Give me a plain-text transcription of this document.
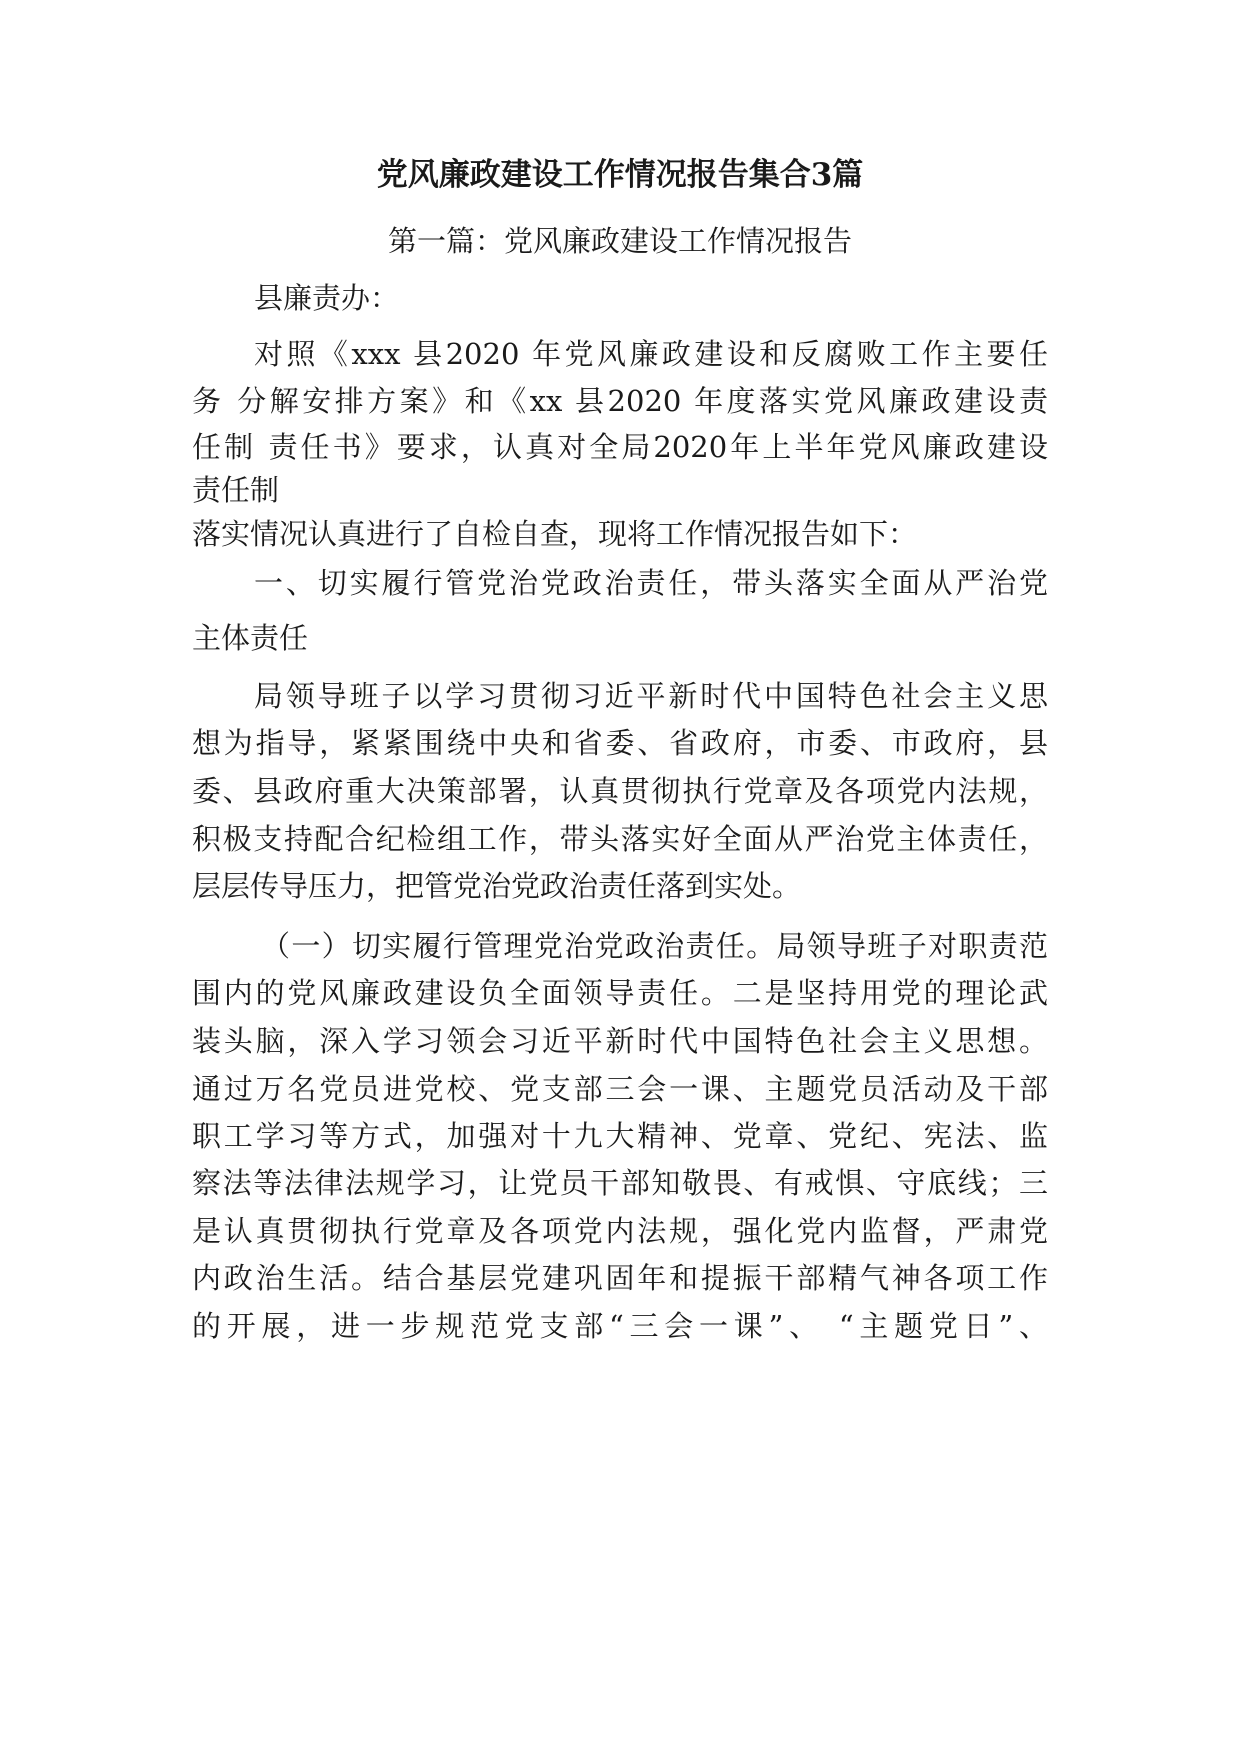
党风廉政建设工作情况报告集合3篇
第一篇：党风廉政建设工作情况报告
县廉责办：
对照《xxx 县2020 年党风廉政建设和反腐败工作主要任
务 分解安排方案》和《xx 县2020 年度落实党风廉政建设责
任制 责任书》要求，认真对全局2020年上半年党风廉政建设
责任制
落实情况认真进行了自检自查，现将工作情况报告如下：
一、切实履行管党治党政治责任，带头落实全面从严治党
主体责任
局领导班子以学习贯彻习近平新时代中国特色社会主义思
想为指导，紧紧围绕中央和省委、省政府，市委、市政府，县
委、县政府重大决策部署，认真贯彻执行党章及各项党内法规，
积极支持配合纪检组工作，带头落实好全面从严治党主体责任，
层层传导压力，把管党治党政治责任落到实处。
（一）切实履行管理党治党政治责任。局领导班子对职责范
围内的党风廉政建设负全面领导责任。二是坚持用党的理论武
装头脑，深入学习领会习近平新时代中国特色社会主义思想。
通过万名党员进党校、党支部三会一课、主题党员活动及干部
职工学习等方式，加强对十九大精神、党章、党纪、宪法、监
察法等法律法规学习，让党员干部知敬畏、有戒惧、守底线；三
是认真贯彻执行党章及各项党内法规，强化党内监督，严肃党
内政治生活。结合基层党建巩固年和提振干部精气神各项工作
的开展，进一步规范党支部“三会一课”、 “主题党日”、
